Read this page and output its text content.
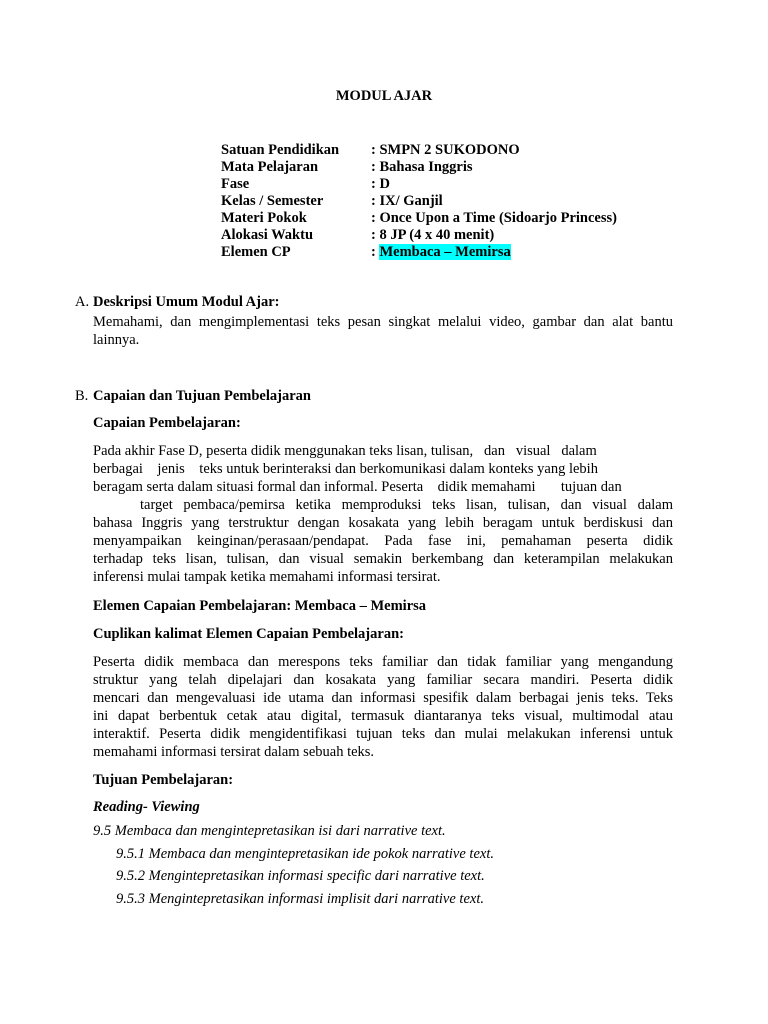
MODUL AJAR
Satuan Pendidikan	: SMPN 2 SUKODONO
Mata Pelajaran	: Bahasa Inggris
Fase	: D
Kelas / Semester	: IX/ Ganjil
Materi Pokok	: Once Upon a Time (Sidoarjo Princess)
Alokasi Waktu	: 8 JP (4 x 40 menit)
Elemen CP	: Membaca – Memirsa
A. Deskripsi Umum Modul Ajar:
Memahami, dan mengimplementasi teks pesan singkat melalui video, gambar dan alat bantu
lainnya.
B. Capaian dan Tujuan Pembelajaran
Capaian Pembelajaran:
Pada akhir Fase D, peserta didik menggunakan teks lisan, tulisan,   dan   visual   dalam
berbagai    jenis    teks untuk berinteraksi dan berkomunikasi dalam konteks yang lebih
beragam serta dalam situasi formal dan informal. Peserta    didik memahami       tujuan dan
target pembaca/pemirsa ketika memproduksi teks lisan, tulisan, dan visual dalam
bahasa Inggris yang terstruktur dengan kosakata yang lebih beragam untuk berdiskusi dan
menyampaikan keinginan/perasaan/pendapat. Pada fase ini, pemahaman peserta didik
terhadap teks lisan, tulisan, dan visual semakin berkembang dan keterampilan melakukan
inferensi mulai tampak ketika memahami informasi tersirat.
Elemen Capaian Pembelajaran: Membaca – Memirsa
Cuplikan kalimat Elemen Capaian Pembelajaran:
Peserta didik membaca dan merespons teks familiar dan tidak familiar yang mengandung
struktur yang telah dipelajari dan kosakata yang familiar secara mandiri. Peserta didik
mencari dan mengevaluasi ide utama dan informasi spesifik dalam berbagai jenis teks. Teks
ini dapat berbentuk cetak atau digital, termasuk diantaranya teks visual, multimodal atau
interaktif. Peserta didik mengidentifikasi tujuan teks dan mulai melakukan inferensi untuk
memahami informasi tersirat dalam sebuah teks.
Tujuan Pembelajaran:
Reading- Viewing
9.5 Membaca dan mengintepretasikan isi dari narrative text.
9.5.1 Membaca dan mengintepretasikan ide pokok narrative text.
9.5.2 Mengintepretasikan informasi specific dari narrative text.
9.5.3 Mengintepretasikan informasi implisit dari narrative text.
